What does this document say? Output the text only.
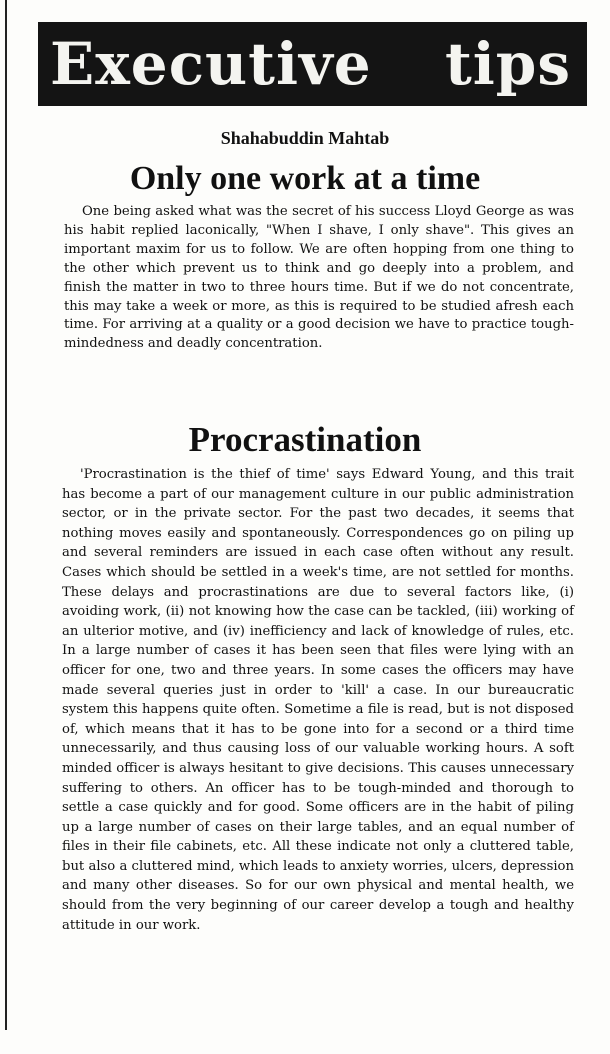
Executive tips
Shahabuddin Mahtab
Only one work at a time

One being asked what was the secret of his success Lloyd George as was his habit replied laconically, "When I shave, I only shave". This gives an important maxim for us to follow. We are often hopping from one thing to the other which prevent us to think and go deeply into a problem, and finish the matter in two to three hours time. But if we do not concentrate, this may take a week or more, as this is required to be studied afresh each time. For arriving at a quality or a good decision we have to practice tough-mindedness and deadly concentration.

Procrastination

'Procrastination is the thief of time' says Edward Young, and this trait has become a part of our management culture in our public administration sector, or in the private sector. For the past two decades, it seems that nothing moves easily and spontaneously. Correspondences go on piling up and several reminders are issued in each case often without any result. Cases which should be settled in a week's time, are not settled for months. These delays and procrastinations are due to several factors like, (i) avoiding work, (ii) not knowing how the case can be tackled, (iii) working of an ulterior motive, and (iv) inefficiency and lack of knowledge of rules, etc. In a large number of cases it has been seen that files were lying with an officer for one, two and three years. In some cases the officers may have made several queries just in order to 'kill' a case. In our bureaucratic system this happens quite often. Sometime a file is read, but is not disposed of, which means that it has to be gone into for a second or a third time unnecessarily, and thus causing loss of our valuable working hours. A soft minded officer is always hesitant to give decisions. This causes unnecessary suffering to others. An officer has to be tough-minded and thorough to settle a case quickly and for good. Some officers are in the habit of piling up a large number of cases on their large tables, and an equal number of files in their file cabinets, etc. All these indicate not only a cluttered table, but also a cluttered mind, which leads to anxiety worries, ulcers, depression and many other diseases. So for our own physical and mental health, we should from the very beginning of our career develop a tough and healthy attitude in our work.
